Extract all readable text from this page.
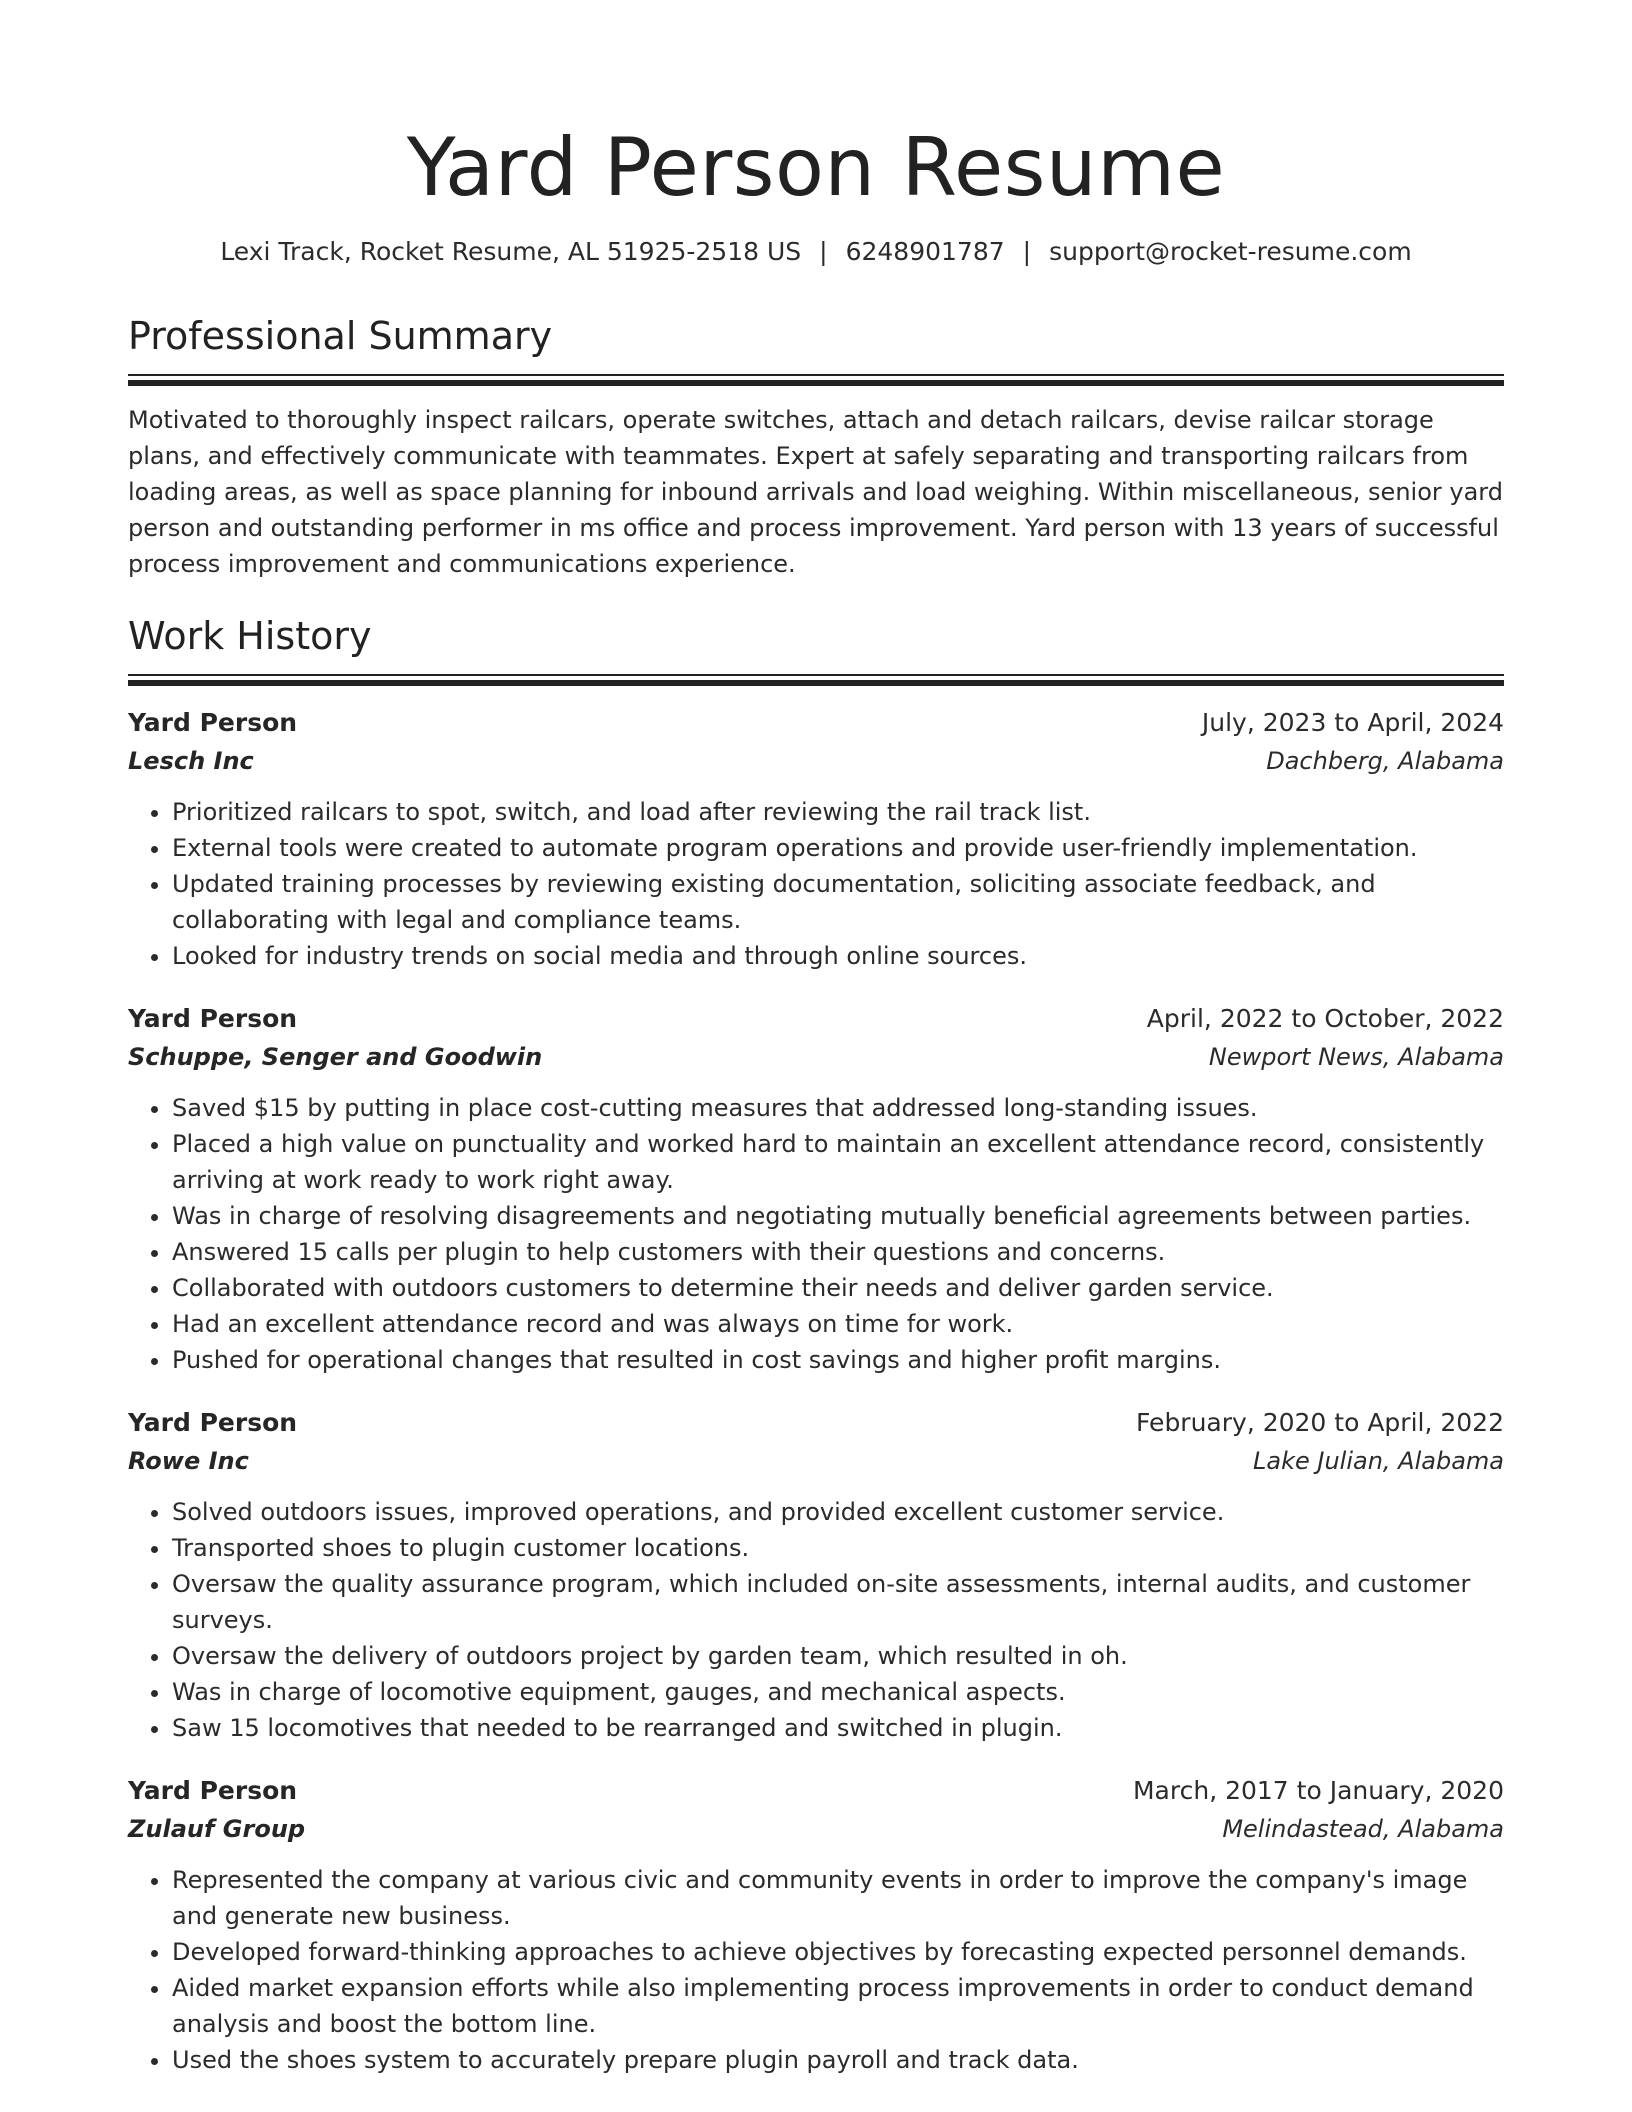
Yard Person Resume
Lexi Track, Rocket Resume, AL 51925-2518 US | 6248901787 | support@rocket-resume.com
Professional Summary

Motivated to thoroughly inspect railcars, operate switches, attach and detach railcars, devise railcar storage plans, and effectively communicate with teammates. Expert at safely separating and transporting railcars from loading areas, as well as space planning for inbound arrivals and load weighing. Within miscellaneous, senior yard person and outstanding performer in ms office and process improvement. Yard person with 13 years of successful process improvement and communications experience.

Work History
Yard Person	July, 2023 to April, 2024
Lesch Inc	Dachberg, Alabama
• Prioritized railcars to spot, switch, and load after reviewing the rail track list.
• External tools were created to automate program operations and provide user-friendly implementation.
• Updated training processes by reviewing existing documentation, soliciting associate feedback, and collaborating with legal and compliance teams.
• Looked for industry trends on social media and through online sources.
Yard Person	April, 2022 to October, 2022
Schuppe, Senger and Goodwin	Newport News, Alabama
• Saved $15 by putting in place cost-cutting measures that addressed long-standing issues.
• Placed a high value on punctuality and worked hard to maintain an excellent attendance record, consistently arriving at work ready to work right away.
• Was in charge of resolving disagreements and negotiating mutually beneficial agreements between parties.
• Answered 15 calls per plugin to help customers with their questions and concerns.
• Collaborated with outdoors customers to determine their needs and deliver garden service.
• Had an excellent attendance record and was always on time for work.
• Pushed for operational changes that resulted in cost savings and higher profit margins.
Yard Person	February, 2020 to April, 2022
Rowe Inc	Lake Julian, Alabama
• Solved outdoors issues, improved operations, and provided excellent customer service.
• Transported shoes to plugin customer locations.
• Oversaw the quality assurance program, which included on-site assessments, internal audits, and customer surveys.
• Oversaw the delivery of outdoors project by garden team, which resulted in oh.
• Was in charge of locomotive equipment, gauges, and mechanical aspects.
• Saw 15 locomotives that needed to be rearranged and switched in plugin.
Yard Person	March, 2017 to January, 2020
Zulauf Group	Melindastead, Alabama
• Represented the company at various civic and community events in order to improve the company's image and generate new business.
• Developed forward-thinking approaches to achieve objectives by forecasting expected personnel demands.
• Aided market expansion efforts while also implementing process improvements in order to conduct demand analysis and boost the bottom line.
• Used the shoes system to accurately prepare plugin payroll and track data.
